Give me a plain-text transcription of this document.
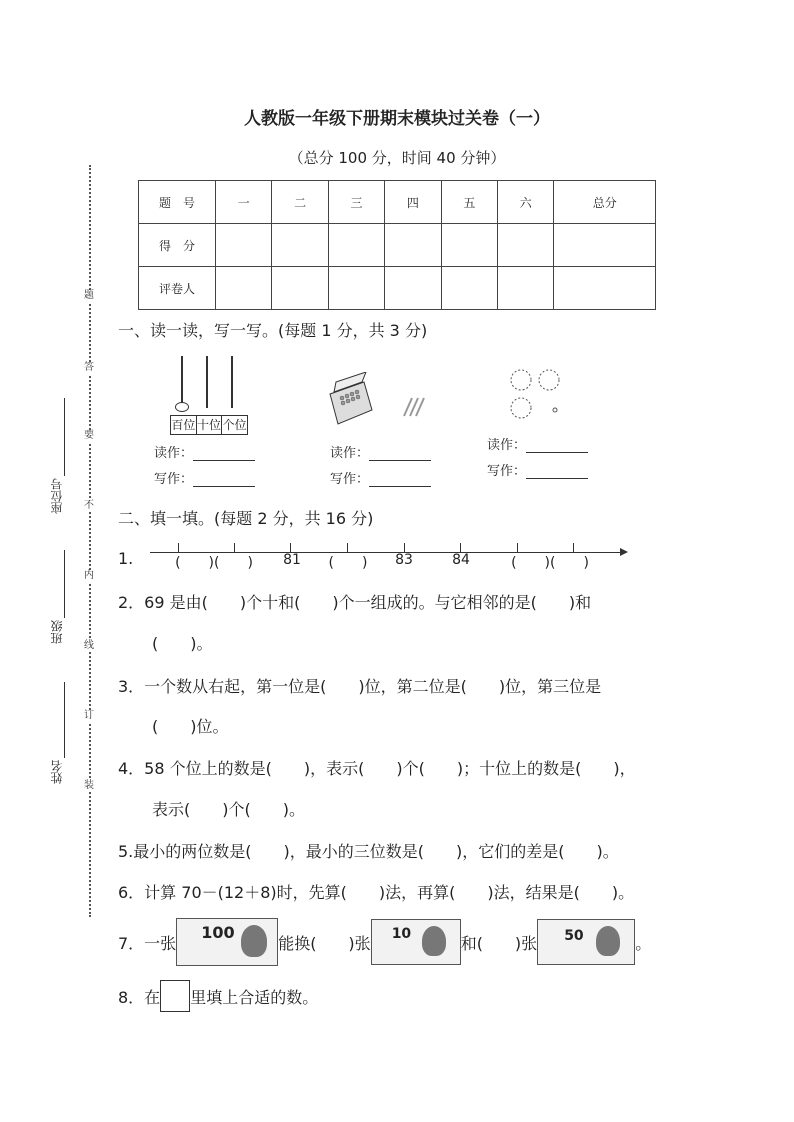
人教版一年级下册期末模块过关卷（一）
（总分 100 分，时间 40 分钟）
题　号	一	二	三	四	五	六	总分
得　分							
评卷人							
题
答
要
不
内
线
订
装
座位号
班级
姓名
一、读一读，写一写。(每题 1 分，共 3 分)
百位 十位 个位
读作：
写作：
读作：
写作：
读作：
写作：
二、填一填。(每题 2 分，共 16 分)
1.	(　　)(　　)	81	(　　)	83	84	(　　)(　　)
2．69 是由(　　)个十和(　　)个一组成的。与它相邻的是(　　)和
(　　)。
3．一个数从右起，第一位是(　　)位，第二位是(　　)位，第三位是
(　　)位。
4．58 个位上的数是(　　)，表示(　　)个(　　)；十位上的数是(　　)，
表示(　　)个(　　)。
5.最小的两位数是(　　)，最小的三位数是(　　)，它们的差是(　　)。
6．计算 70－(12＋8)时，先算(　　)法，再算(　　)法，结果是(　　)。
7．一张
100
能换(　　)张 10	和(　　)张 50	。
8．在 里填上合适的数。
